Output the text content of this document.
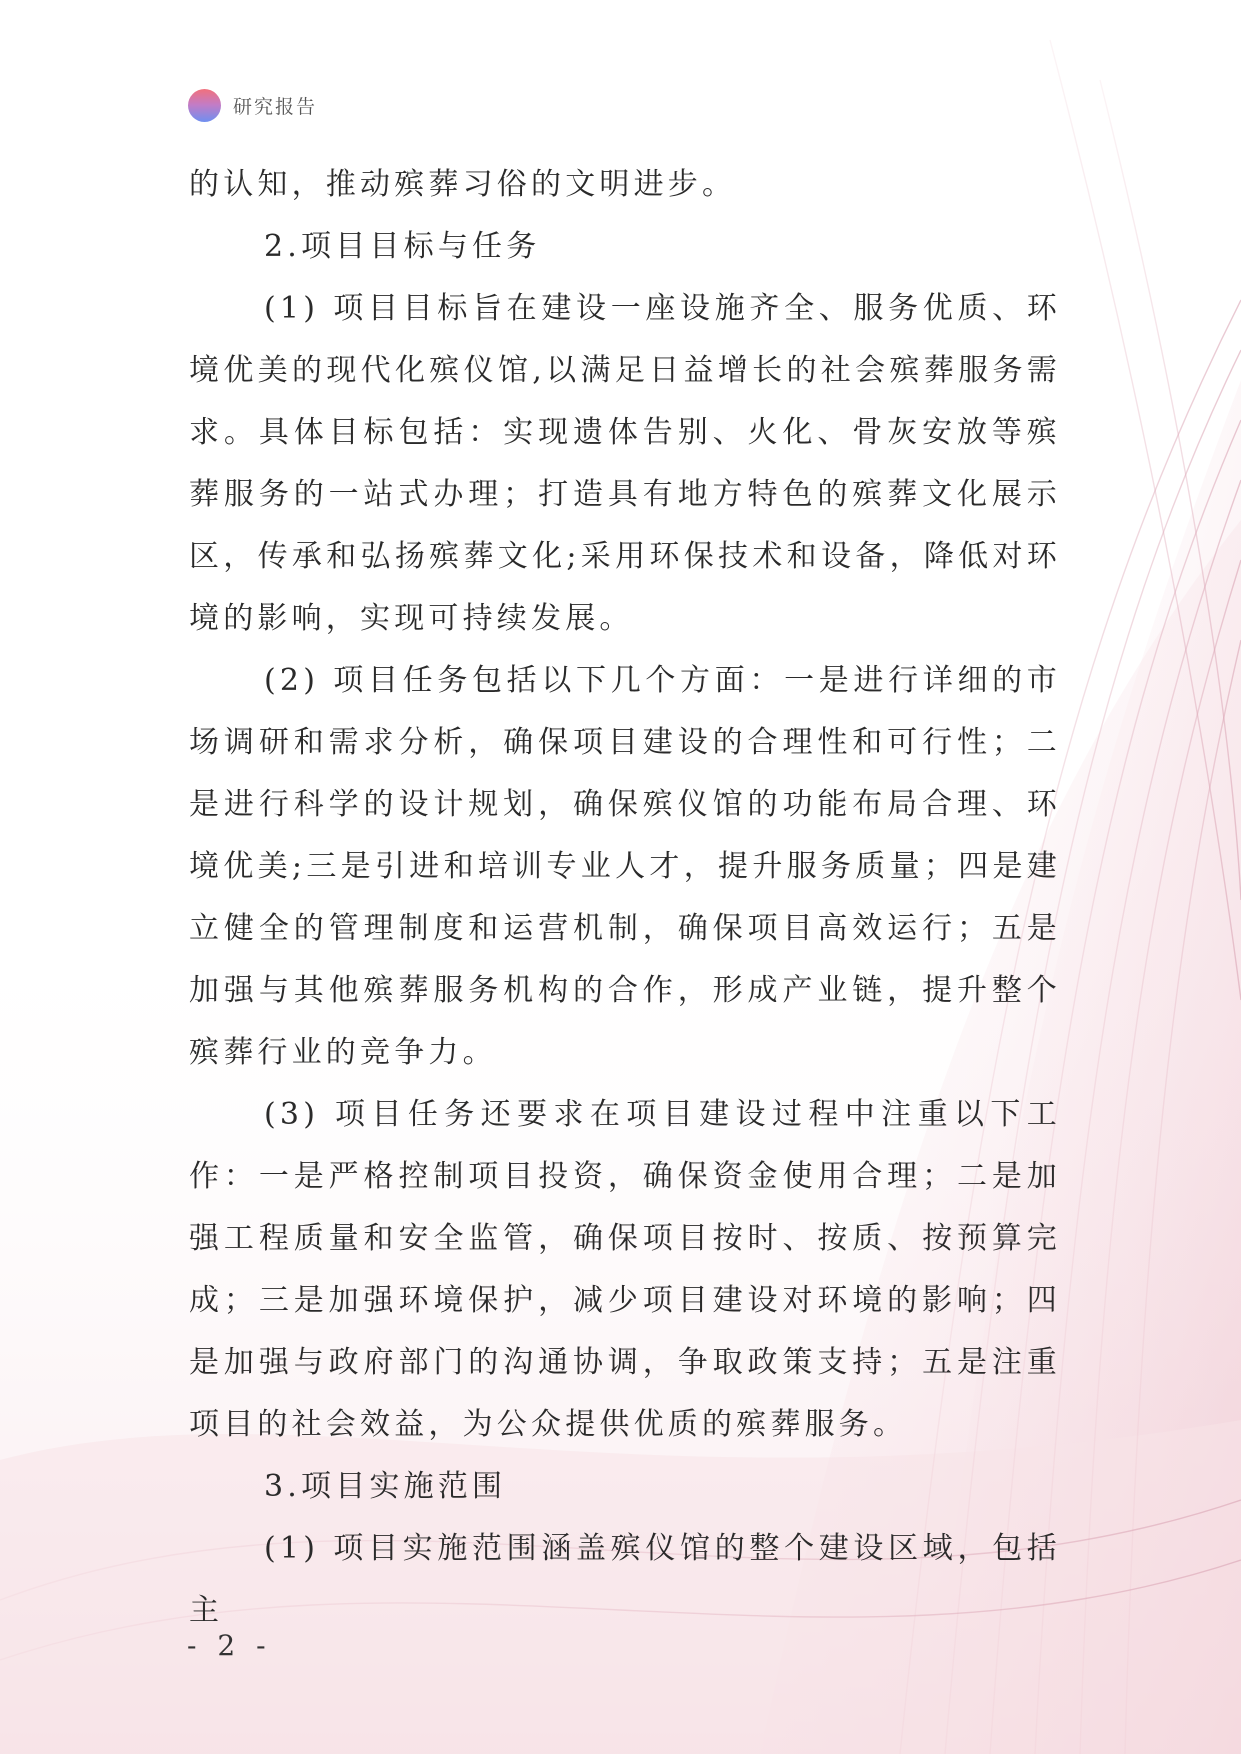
研究报告

的认知，推动殡葬习俗的文明进步。

2.项目目标与任务

(1) 项目目标旨在建设一座设施齐全、服务优质、环境优美的现代化殡仪馆,以满足日益增长的社会殡葬服务需求。具体目标包括：实现遗体告别、火化、骨灰安放等殡葬服务的一站式办理；打造具有地方特色的殡葬文化展示区，传承和弘扬殡葬文化;采用环保技术和设备，降低对环境的影响，实现可持续发展。

(2) 项目任务包括以下几个方面：一是进行详细的市场调研和需求分析，确保项目建设的合理性和可行性；二是进行科学的设计规划，确保殡仪馆的功能布局合理、环境优美;三是引进和培训专业人才，提升服务质量；四是建立健全的管理制度和运营机制，确保项目高效运行；五是加强与其他殡葬服务机构的合作，形成产业链，提升整个殡葬行业的竞争力。

(3) 项目任务还要求在项目建设过程中注重以下工作：一是严格控制项目投资，确保资金使用合理；二是加强工程质量和安全监管，确保项目按时、按质、按预算完成；三是加强环境保护，减少项目建设对环境的影响；四是加强与政府部门的沟通协调，争取政策支持；五是注重项目的社会效益，为公众提供优质的殡葬服务。

3.项目实施范围

(1) 项目实施范围涵盖殡仪馆的整个建设区域，包括主

- 2 -
